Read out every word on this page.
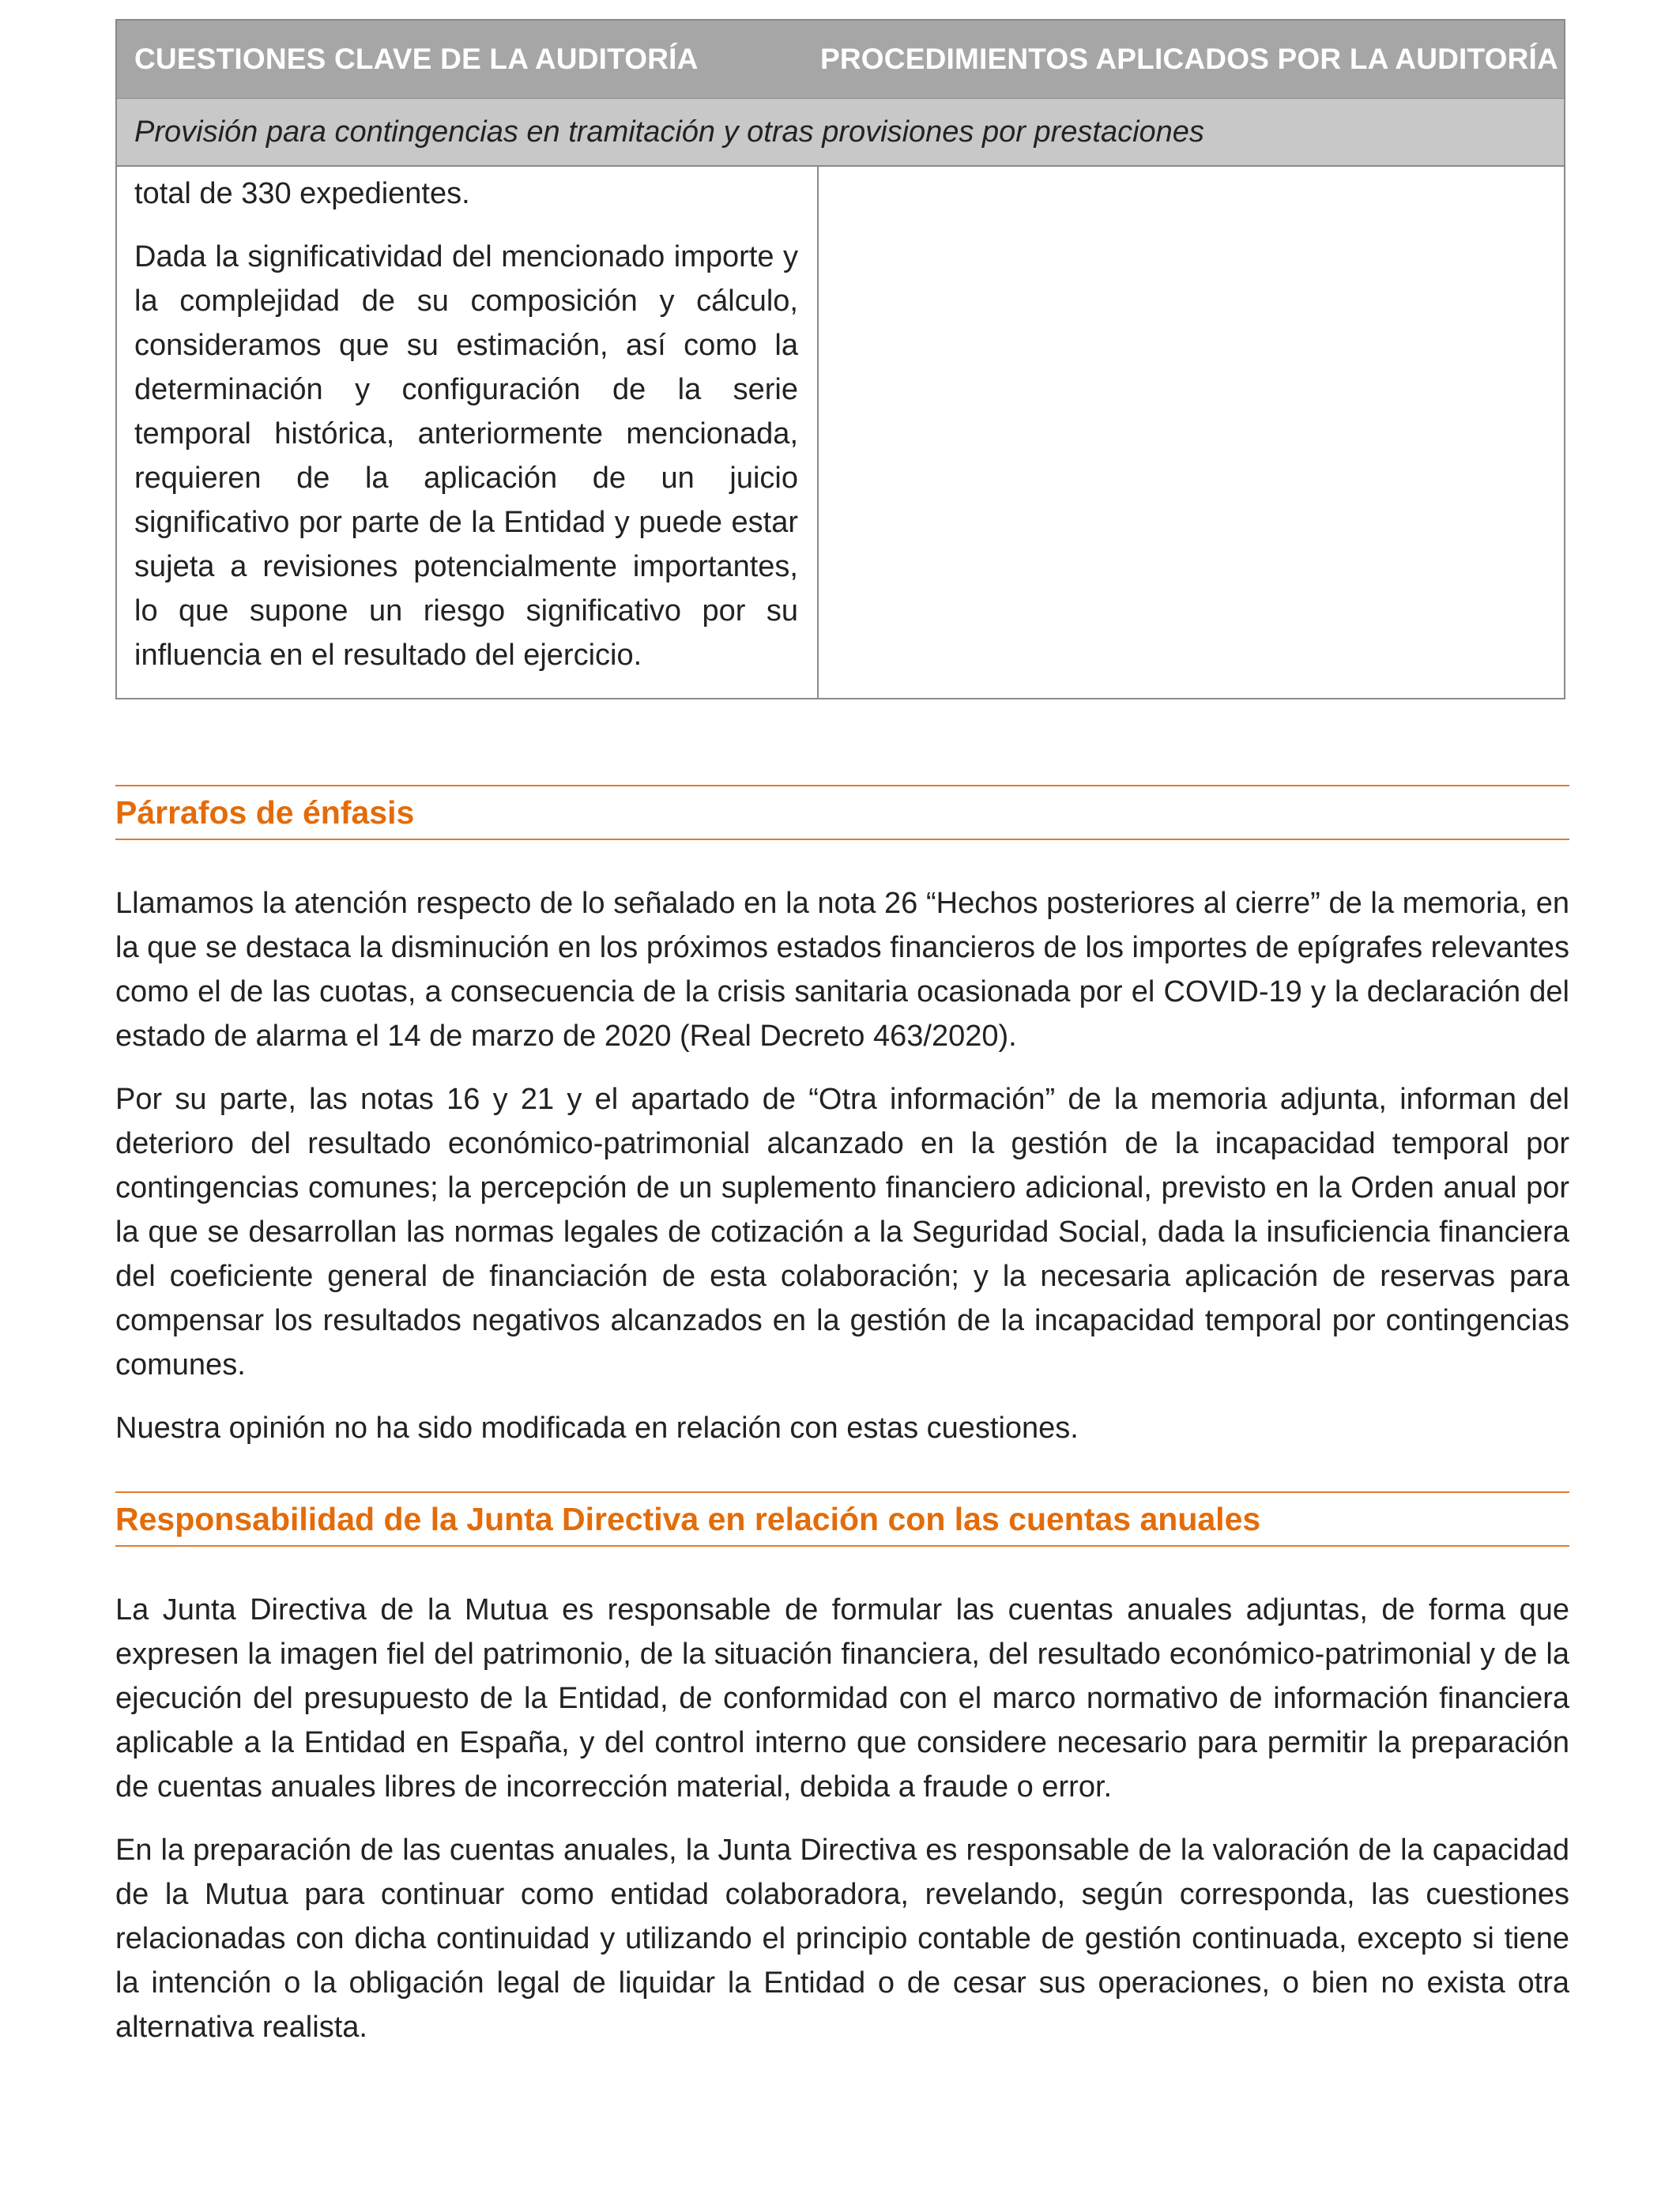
CUESTIONES CLAVE DE LA AUDITORÍA	PROCEDIMIENTOS APLICADOS POR LA AUDITORÍA
Provisión para contingencias en tramitación y otras provisiones por prestaciones

total de 330 expedientes.

Dada la significatividad del mencionado importe y la complejidad de su composición y cálculo, consideramos que su estimación, así como la determinación y configuración de la serie temporal histórica, anteriormente mencionada, requieren de la aplicación de un juicio significativo por parte de la Entidad y puede estar sujeta a revisiones potencialmente importantes, lo que supone un riesgo significativo por su influencia en el resultado del ejercicio.

Párrafos de énfasis

Llamamos la atención respecto de lo señalado en la nota 26 “Hechos posteriores al cierre” de la memoria, en la que se destaca la disminución en los próximos estados financieros de los importes de epígrafes relevantes como el de las cuotas, a consecuencia de la crisis sanitaria ocasionada por el COVID-19 y la declaración del estado de alarma el 14 de marzo de 2020 (Real Decreto 463/2020).

Por su parte, las notas 16 y 21 y el apartado de “Otra información” de la memoria adjunta, informan del deterioro del resultado económico-patrimonial alcanzado en la gestión de la incapacidad temporal por contingencias comunes; la percepción de un suplemento financiero adicional, previsto en la Orden anual por la que se desarrollan las normas legales de cotización a la Seguridad Social, dada la insuficiencia financiera del coeficiente general de financiación de esta colaboración; y la necesaria aplicación de reservas para compensar los resultados negativos alcanzados en la gestión de la incapacidad temporal por contingencias comunes.

Nuestra opinión no ha sido modificada en relación con estas cuestiones.

Responsabilidad de la Junta Directiva en relación con las cuentas anuales

La Junta Directiva de la Mutua es responsable de formular las cuentas anuales adjuntas, de forma que expresen la imagen fiel del patrimonio, de la situación financiera, del resultado económico-patrimonial y de la ejecución del presupuesto de la Entidad, de conformidad con el marco normativo de información financiera aplicable a la Entidad en España, y del control interno que considere necesario para permitir la preparación de cuentas anuales libres de incorrección material, debida a fraude o error.

En la preparación de las cuentas anuales, la Junta Directiva es responsable de la valoración de la capacidad de la Mutua para continuar como entidad colaboradora, revelando, según corresponda, las cuestiones relacionadas con dicha continuidad y utilizando el principio contable de gestión continuada, excepto si tiene la intención o la obligación legal de liquidar la Entidad o de cesar sus operaciones, o bien no exista otra alternativa realista.
